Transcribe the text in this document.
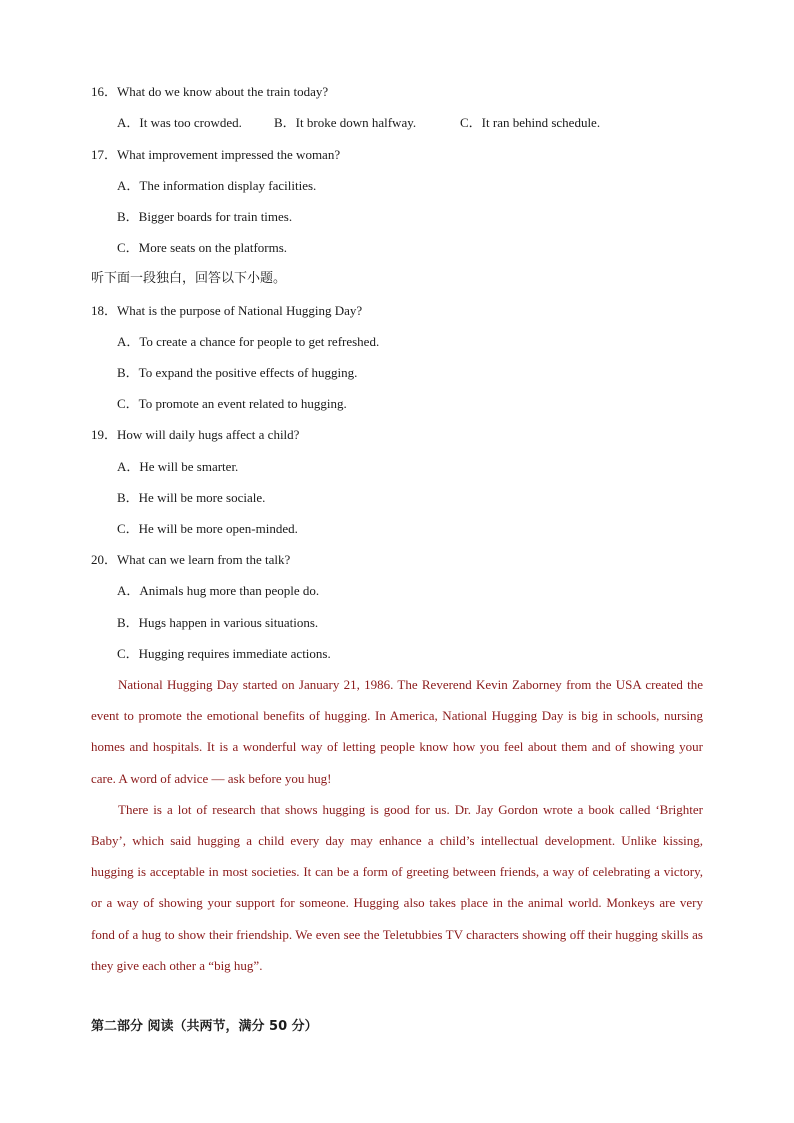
16．What do we know about the train today?
A．It was too crowded. B．It broke down halfway.	C．It ran behind schedule.
17．What improvement impressed the woman?
A．The information display facilities.
B．Bigger boards for train times.
C．More seats on the platforms.
听下面一段独白，回答以下小题。
18．What is the purpose of National Hugging Day?
A．To create a chance for people to get refreshed.
B．To expand the positive effects of hugging.
C．To promote an event related to hugging.
19．How will daily hugs affect a child?
A．He will be smarter.
B．He will be more sociale.
C．He will be more open-minded.
20．What can we learn from the talk?
A．Animals hug more than people do.
B．Hugs happen in various situations.
C．Hugging requires immediate actions.

National Hugging Day started on January 21, 1986. The Reverend Kevin Zaborney from the USA created the event to promote the emotional benefits of hugging. In America, National Hugging Day is big in schools, nursing homes and hospitals. It is a wonderful way of letting people know how you feel about them and of showing your care. A word of advice — ask before you hug!

There is a lot of research that shows hugging is good for us. Dr. Jay Gordon wrote a book called ‘Brighter Baby’, which said hugging a child every day may enhance a child’s intellectual development. Unlike kissing, hugging is acceptable in most societies. It can be a form of greeting between friends, a way of celebrating a victory, or a way of showing your support for someone. Hugging also takes place in the animal world. Monkeys are very fond of a hug to show their friendship. We even see the Teletubbies TV characters showing off their hugging skills as they give each other a “big hug”.

第二部分 阅读（共两节，满分 50 分）
